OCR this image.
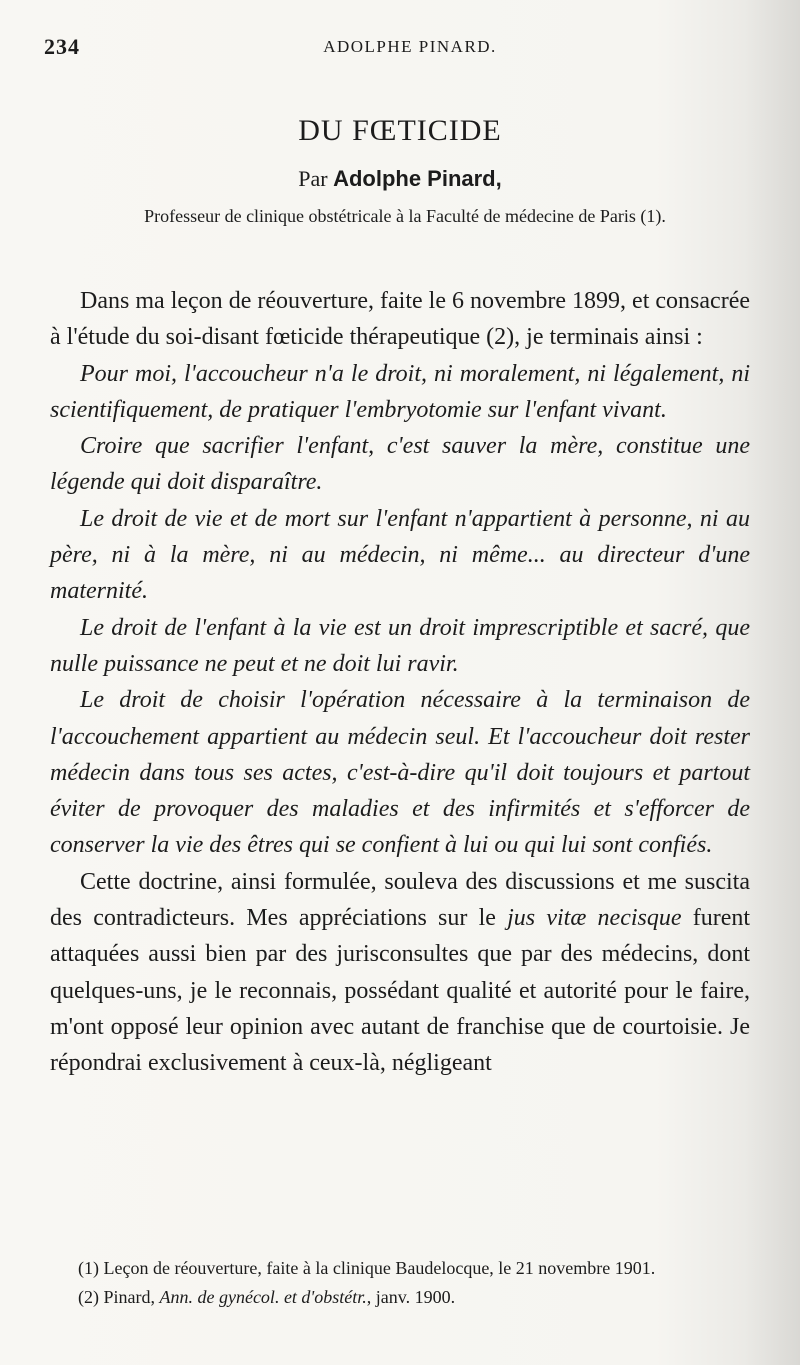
234	ADOLPHE PINARD.
DU FŒTICIDE
Par Adolphe Pinard,
Professeur de clinique obstétricale à la Faculté de médecine de Paris (1).

Dans ma leçon de réouverture, faite le 6 novembre 1899, et consacrée à l'étude du soi-disant fœticide thérapeutique (2), je terminais ainsi :

Pour moi, l'accoucheur n'a le droit, ni moralement, ni légalement, ni scientifiquement, de pratiquer l'embryotomie sur l'enfant vivant.

Croire que sacrifier l'enfant, c'est sauver la mère, constitue une légende qui doit disparaître.

Le droit de vie et de mort sur l'enfant n'appartient à personne, ni au père, ni à la mère, ni au médecin, ni même... au directeur d'une maternité.

Le droit de l'enfant à la vie est un droit imprescriptible et sacré, que nulle puissance ne peut et ne doit lui ravir.

Le droit de choisir l'opération nécessaire à la terminaison de l'accouchement appartient au médecin seul. Et l'accoucheur doit rester médecin dans tous ses actes, c'est-à-dire qu'il doit toujours et partout éviter de provoquer des maladies et des infirmités et s'efforcer de conserver la vie des êtres qui se confient à lui ou qui lui sont confiés.

Cette doctrine, ainsi formulée, souleva des discussions et me suscita des contradicteurs. Mes appréciations sur le jus vitæ necisque furent attaquées aussi bien par des jurisconsultes que par des médecins, dont quelques-uns, je le reconnais, possédant qualité et autorité pour le faire, m'ont opposé leur opinion avec autant de franchise que de courtoisie. Je répondrai exclusivement à ceux-là, négligeant

(1) Leçon de réouverture, faite à la clinique Baudelocque, le 21 novembre 1901.

(2) Pinard, Ann. de gynécol. et d'obstétr., janv. 1900.
